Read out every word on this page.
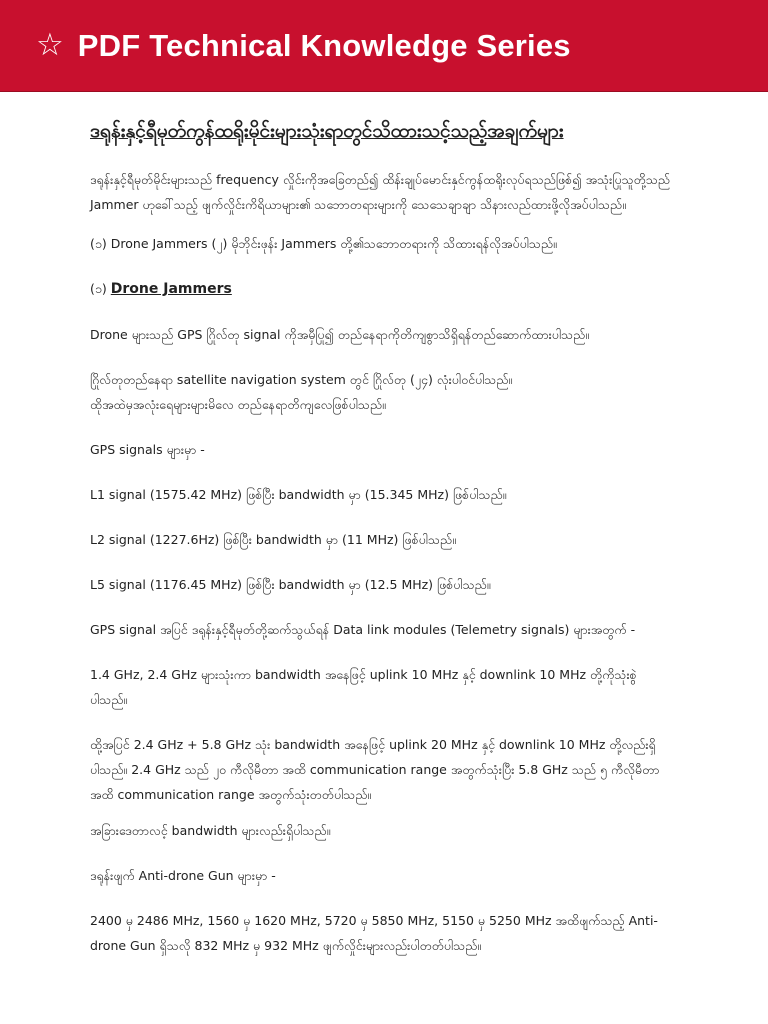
☆ PDF Technical Knowledge Series
ဒရုန်းနှင့်ရီမုတ်ကွန်ထရိုးမိုင်းများသုံးရာတွင်သိထားသင့်သည့်အချက်များ
ဒရုန်းနှင့်ရီမုတ်မိုင်းများသည် frequency လှိုင်းကိုအခြေတည်၍ ထိန်းချုပ်မောင်းနှင်ကွန်ထရိုးလုပ်ရသည်ဖြစ်၍ အသုံးပြုသူတို့သည် Jammer ဟုခေါ်သည့် ဖျက်လှိုင်းကိရိယာများ၏ သဘောတရားများကို သေသေချာချာ သိနားလည်ထားဖို့လိုအပ်ပါသည်။
(၁) Drone Jammers (၂) မိုဘိုင်းဖုန်း Jammers တို့၏သဘောတရားကို သိထားရန်လိုအပ်ပါသည်။
(၁) Drone Jammers
Drone များသည် GPS ဂြိုလ်တု signal ကိုအမှီပြု၍ တည်နေရာကိုတိကျစွာသိရှိရန်တည်ဆောက်ထားပါသည်။
ဂြိုလ်တုတည်နေရာ satellite navigation system တွင် ဂြိုလ်တု (၂၄) လုံးပါဝင်ပါသည်။
ထိုအထဲမှအလုံးရေများများမိလေ တည်နေရာတိကျလေဖြစ်ပါသည်။
GPS signals များမှာ -
L1 signal (1575.42 MHz) ဖြစ်ပြီး bandwidth မှာ (15.345 MHz) ဖြစ်ပါသည်။
L2 signal (1227.6Hz) ဖြစ်ပြီး bandwidth မှာ (11 MHz) ဖြစ်ပါသည်။
L5 signal (1176.45 MHz) ဖြစ်ပြီး bandwidth မှာ (12.5 MHz) ဖြစ်ပါသည်။
GPS signal အပြင် ဒရုန်းနှင့်ရီမုတ်တို့ဆက်သွယ်ရန် Data link modules (Telemetry signals) များအတွက် -
1.4 GHz, 2.4 GHz များသုံးကာ bandwidth အနေဖြင့် uplink 10 MHz နှင့် downlink 10 MHz တို့ကိုသုံးစွဲပါသည်။
ထို့အပြင် 2.4 GHz + 5.8 GHz သုံး bandwidth အနေဖြင့် uplink 20 MHz နှင့် downlink 10 MHz တို့လည်းရှိပါသည်။ 2.4 GHz သည် ၂၀ ကီလိုမီတာ အထိ communication range အတွက်သုံးပြီး 5.8 GHz သည် ၅ ကီလိုမီတာ အထိ communication range အတွက်သုံးတတ်ပါသည်။
အခြားဒေတာလင့် bandwidth များလည်းရှိပါသည်။
ဒရုန်းဖျက် Anti-drone Gun များမှာ -
2400 မှ 2486 MHz, 1560 မှ 1620 MHz, 5720 မှ 5850 MHz, 5150 မှ 5250 MHz အထိဖျက်သည့် Anti-drone Gun ရှိသလို 832 MHz မှ 932 MHz ဖျက်လှိုင်းများလည်းပါတတ်ပါသည်။
